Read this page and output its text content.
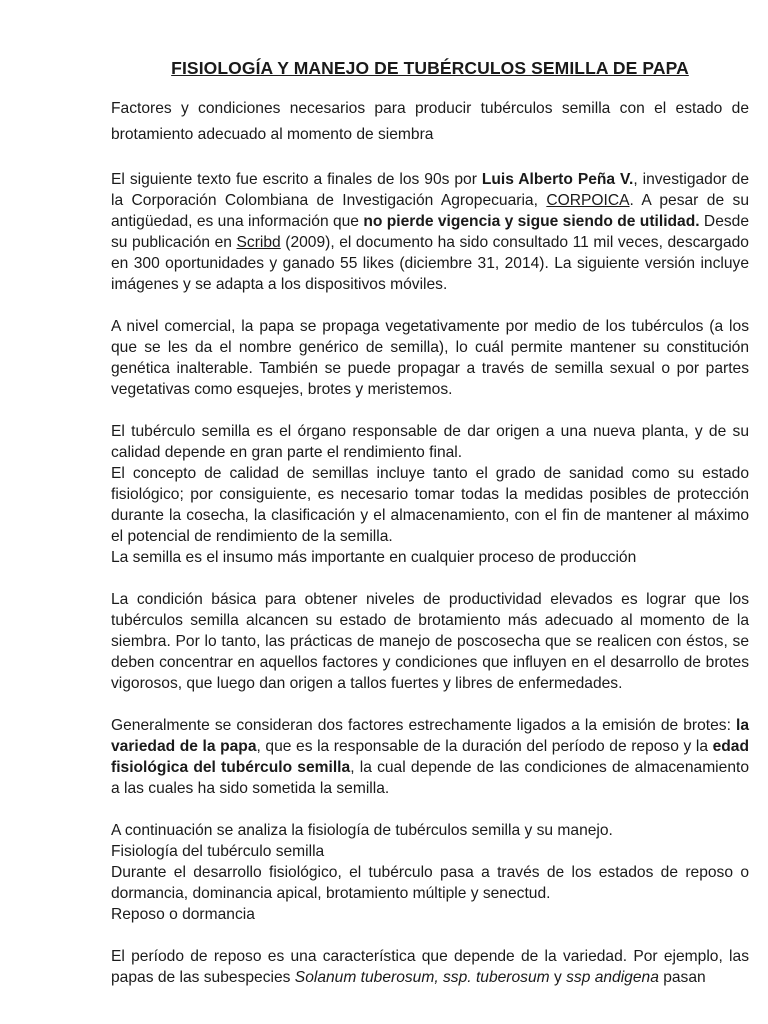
FISIOLOGÍA Y MANEJO DE TUBÉRCULOS SEMILLA DE PAPA

Factores y condiciones necesarios para producir tubérculos semilla con el estado de brotamiento adecuado al momento de siembra

El siguiente texto fue escrito a finales de los 90s por Luis Alberto Peña V., investigador de la Corporación Colombiana de Investigación Agropecuaria, CORPOICA. A pesar de su antigüedad, es una información que no pierde vigencia y sigue siendo de utilidad. Desde su publicación en Scribd (2009), el documento ha sido consultado 11 mil veces, descargado en 300 oportunidades y ganado 55 likes (diciembre 31, 2014). La siguiente versión incluye imágenes y se adapta a los dispositivos móviles.

A nivel comercial, la papa se propaga vegetativamente por medio de los tubérculos (a los que se les da el nombre genérico de semilla), lo cuál permite mantener su constitución genética inalterable. También se puede propagar a través de semilla sexual o por partes vegetativas como esquejes, brotes y meristemos.

El tubérculo semilla es el órgano responsable de dar origen a una nueva planta, y de su calidad depende en gran parte el rendimiento final.

El concepto de calidad de semillas incluye tanto el grado de sanidad como su estado fisiológico; por consiguiente, es necesario tomar todas la medidas posibles de protección durante la cosecha, la clasificación y el almacenamiento, con el fin de mantener al máximo el potencial de rendimiento de la semilla.

La semilla es el insumo más importante en cualquier proceso de producción

La condición básica para obtener niveles de productividad elevados es lograr que los tubérculos semilla alcancen su estado de brotamiento más adecuado al momento de la siembra. Por lo tanto, las prácticas de manejo de poscosecha que se realicen con éstos, se deben concentrar en aquellos factores y condiciones que influyen en el desarrollo de brotes vigorosos, que luego dan origen a tallos fuertes y libres de enfermedades.

Generalmente se consideran dos factores estrechamente ligados a la emisión de brotes: la variedad de la papa, que es la responsable de la duración del período de reposo y la edad fisiológica del tubérculo semilla, la cual depende de las condiciones de almacenamiento a las cuales ha sido sometida la semilla.

A continuación se analiza la fisiología de tubérculos semilla y su manejo.

Fisiología del tubérculo semilla

Durante el desarrollo fisiológico, el tubérculo pasa a través de los estados de reposo o dormancia, dominancia apical, brotamiento múltiple y senectud.

Reposo o dormancia

El período de reposo es una característica que depende de la variedad. Por ejemplo, las papas de las subespecies Solanum tuberosum, ssp. tuberosum y ssp andigena pasan
